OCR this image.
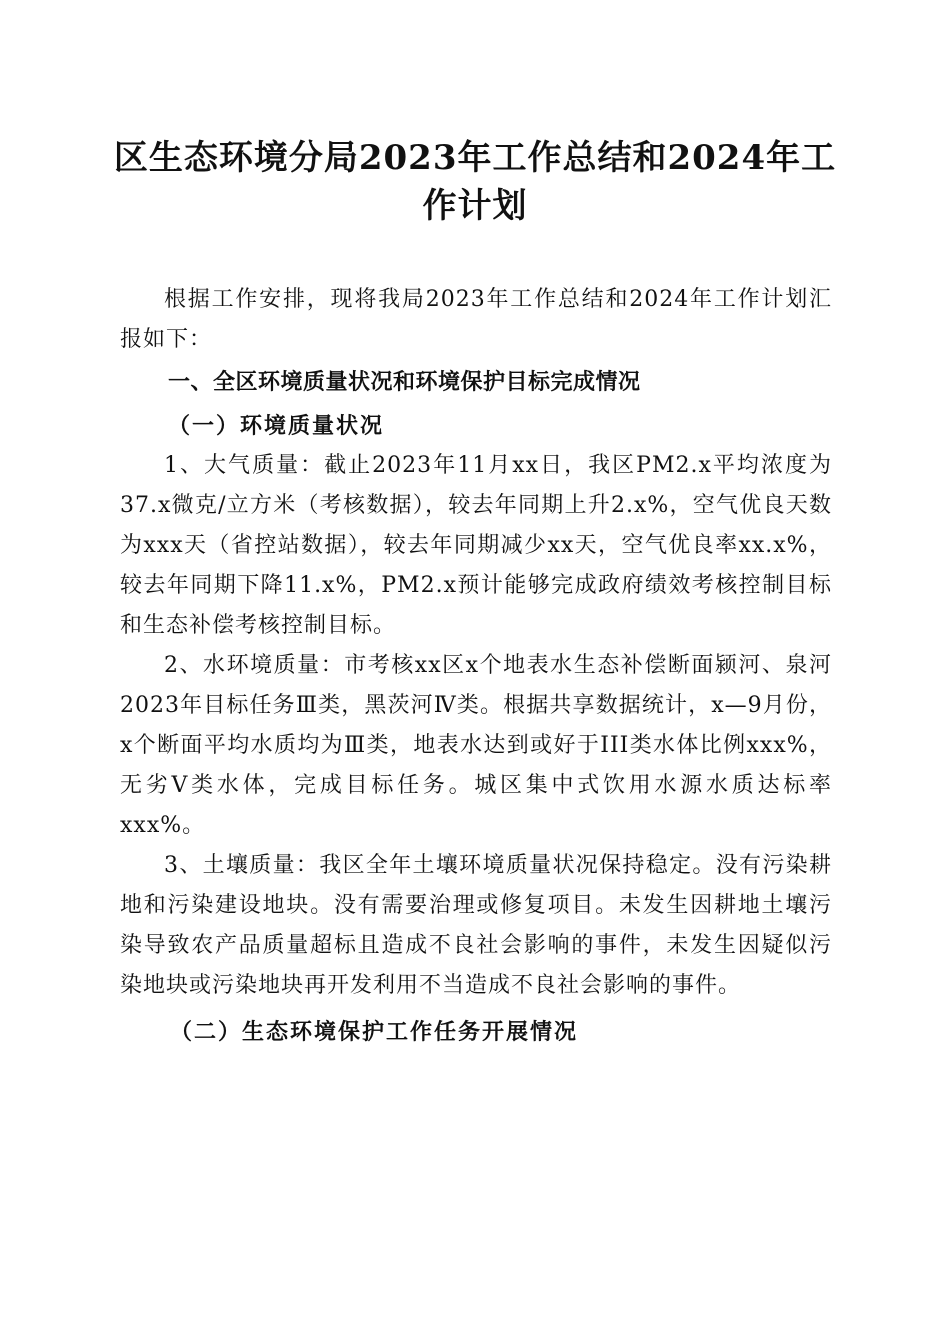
区生态环境分局2023年工作总结和2024年工作计划

根据工作安排，现将我局2023年工作总结和2024年工作计划汇报如下：

一、全区环境质量状况和环境保护目标完成情况
（一）环境质量状况

1、大气质量：截止2023年11月xx日，我区PM2.x平均浓度为37.x微克/立方米（考核数据），较去年同期上升2.x%，空气优良天数为xxx天（省控站数据），较去年同期减少xx天，空气优良率xx.x%，较去年同期下降11.x%，PM2.x预计能够完成政府绩效考核控制目标和生态补偿考核控制目标。

2、水环境质量：市考核xx区x个地表水生态补偿断面颍河、泉河2023年目标任务Ⅲ类，黑茨河Ⅳ类。根据共享数据统计，x—9月份，x个断面平均水质均为Ⅲ类，地表水达到或好于III类水体比例xxx%，无劣Ⅴ类水体，完成目标任务。城区集中式饮用水源水质达标率xxx%。

3、土壤质量：我区全年土壤环境质量状况保持稳定。没有污染耕地和污染建设地块。没有需要治理或修复项目。未发生因耕地土壤污染导致农产品质量超标且造成不良社会影响的事件，未发生因疑似污染地块或污染地块再开发利用不当造成不良社会影响的事件。

（二）生态环境保护工作任务开展情况
